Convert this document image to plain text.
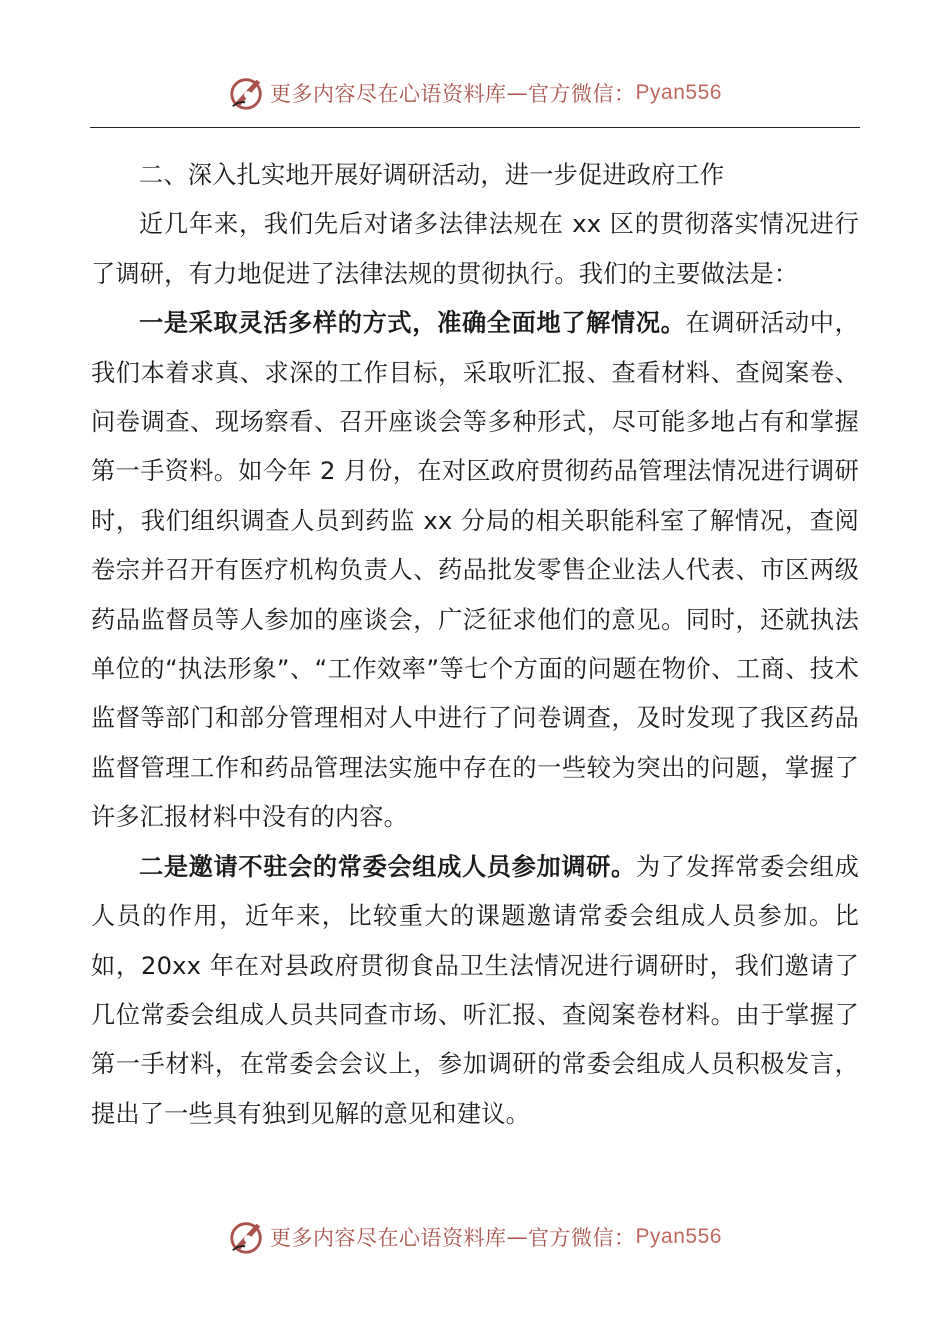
更多内容尽在心语资料库 — 官方微信： Pyan556

二、深入扎实地开展好调研活动，进一步促进政府工作

近几年来，我们先后对诸多法律法规在 xx 区的贯彻落实情况进行了调研，有力地促进了法律法规的贯彻执行。我们的主要做法是：

一是采取灵活多样的方式，准确全面地了解情况。在调研活动中，我们本着求真、求深的工作目标，采取听汇报、查看材料、查阅案卷、问卷调查、现场察看、召开座谈会等多种形式，尽可能多地占有和掌握第一手资料。如今年 2 月份，在对区政府贯彻药品管理法情况进行调研时，我们组织调查人员到药监 xx 分局的相关职能科室了解情况，查阅卷宗并召开有医疗机构负责人、药品批发零售企业法人代表、市区两级药品监督员等人参加的座谈会，广泛征求他们的意见。同时，还就执法单位的“执法形象”、“工作效率”等七个方面的问题在物价、工商、技术监督等部门和部分管理相对人中进行了问卷调查，及时发现了我区药品监督管理工作和药品管理法实施中存在的一些较为突出的问题，掌握了许多汇报材料中没有的内容。

二是邀请不驻会的常委会组成人员参加调研。为了发挥常委会组成人员的作用，近年来，比较重大的课题邀请常委会组成人员参加。比如，20xx 年在对县政府贯彻食品卫生法情况进行调研时，我们邀请了几位常委会组成人员共同查市场、听汇报、查阅案卷材料。由于掌握了第一手材料，在常委会会议上，参加调研的常委会组成人员积极发言，提出了一些具有独到见解的意见和建议。

更多内容尽在心语资料库 — 官方微信： Pyan556
